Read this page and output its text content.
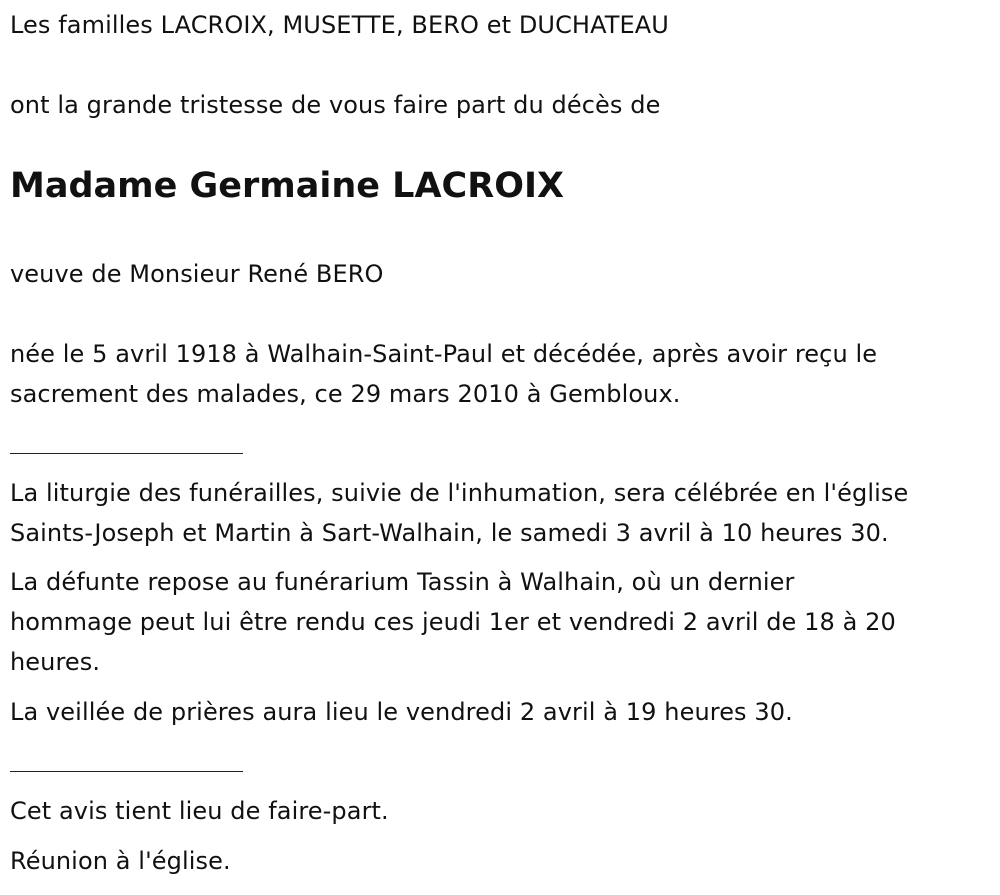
Les familles LACROIX, MUSETTE, BERO et DUCHATEAU

ont la grande tristesse de vous faire part du décès de

Madame Germaine LACROIX

veuve de Monsieur René BERO

née le 5 avril 1918 à Walhain-Saint-Paul et décédée, après avoir reçu le

sacrement des malades, ce 29 mars 2010 à Gembloux.

La liturgie des funérailles, suivie de l'inhumation, sera célébrée en l'église

Saints-Joseph et Martin à Sart-Walhain, le samedi 3 avril à 10 heures 30.

La défunte repose au funérarium Tassin à Walhain, où un dernier

hommage peut lui être rendu ces jeudi 1er et vendredi 2 avril de 18 à 20

heures.

La veillée de prières aura lieu le vendredi 2 avril à 19 heures 30.

Cet avis tient lieu de faire-part.

Réunion à l'église.
